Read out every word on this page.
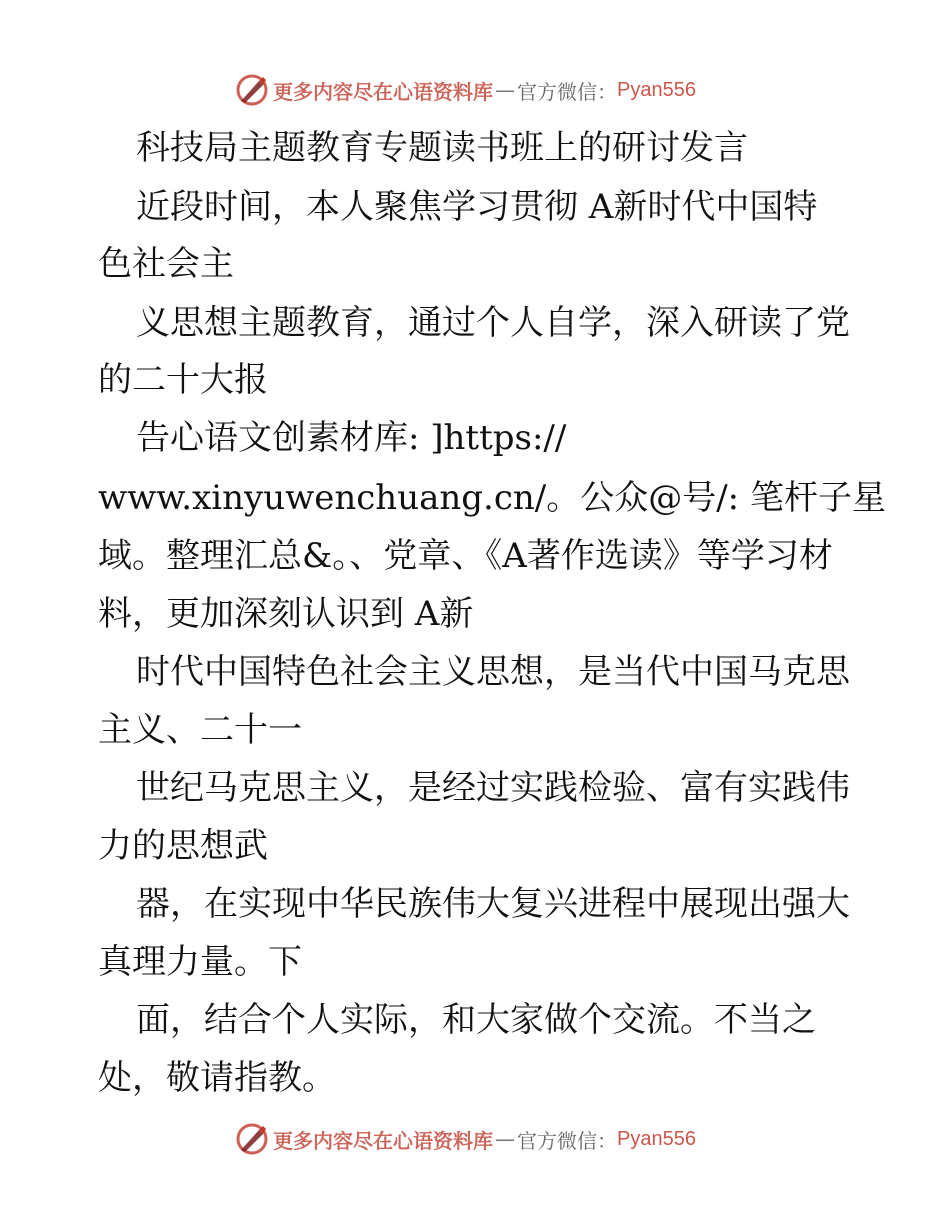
更多内容尽在心语资料库 — 官方微信： Pyan556
科技局主题教育专题读书班上的研讨发言
近段时间，本人聚焦学习贯彻 A新时代中国特
色社会主
义思想主题教育，通过个人自学，深入研读了党
的二十大报
告心语文创素材库: ]https://
www.xinyuwenchuang.cn/。公众@号/: 笔杆子星
域。整理汇总&。、党章、《A著作选读》等学习材
料，更加深刻认识到 A新
时代中国特色社会主义思想，是当代中国马克思
主义、二十一
世纪马克思主义，是经过实践检验、富有实践伟
力的思想武
器，在实现中华民族伟大复兴进程中展现出强大
真理力量。下
面，结合个人实际，和大家做个交流。不当之
处，敬请指教。
更多内容尽在心语资料库 — 官方微信： Pyan556
